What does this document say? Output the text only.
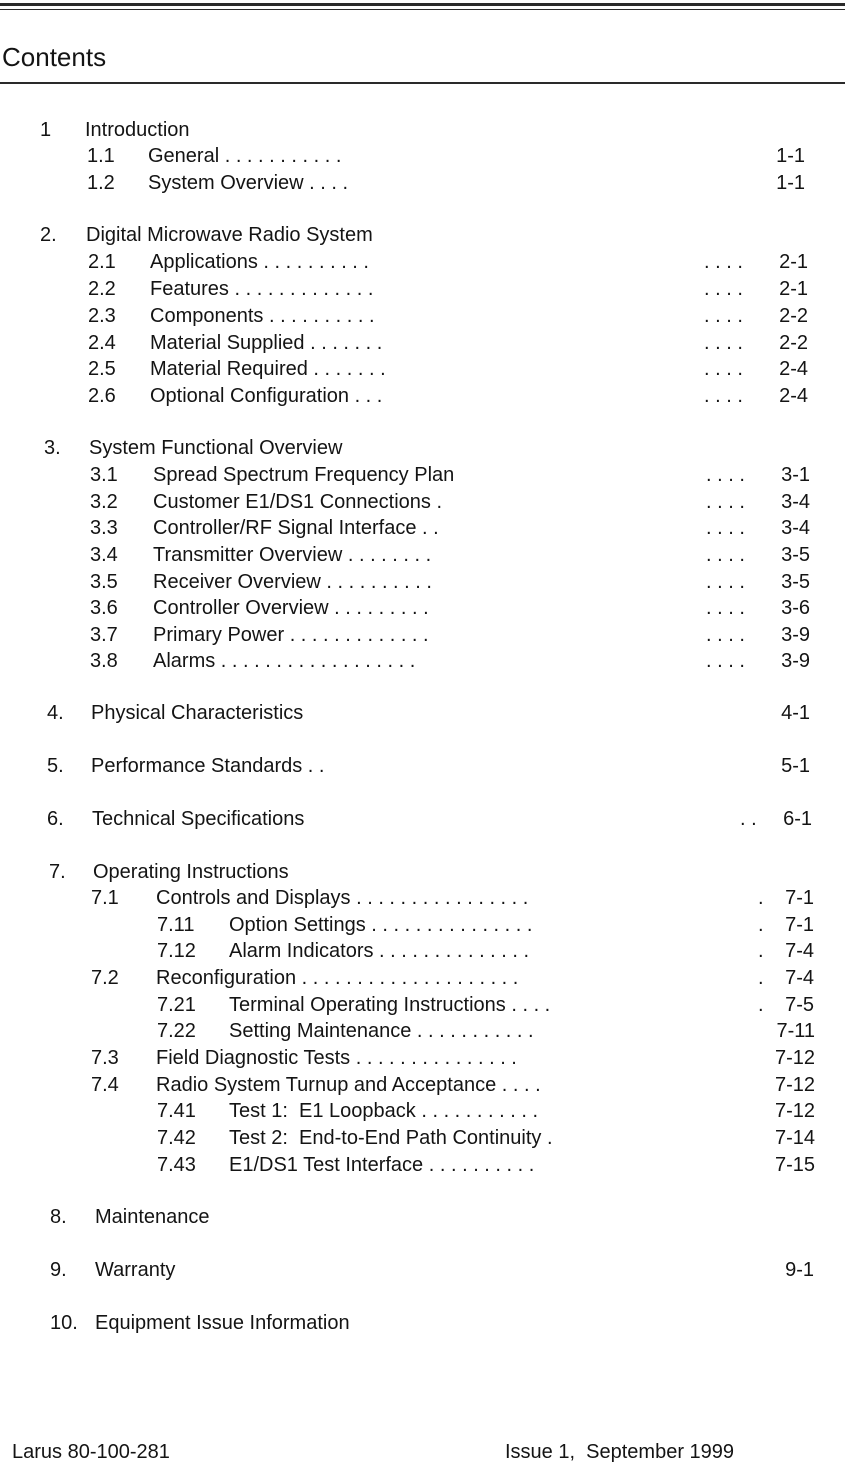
Contents
1 Introduction
1.1 General . . . . . . . . . . .	1-1
1.2 System Overview . . . .	1-1
2. Digital Microwave Radio System
2.1 Applications . . . . . . . . . .	. . . . 2-1
2.2 Features . . . . . . . . . . . . .	. . . . 2-1
2.3 Components . . . . . . . . . .	. . . . 2-2
2.4 Material Supplied . . . . . . .	. . . . 2-2
2.5 Material Required . . . . . . .	. . . . 2-4
2.6 Optional Configuration . . .	. . . . 2-4
3. System Functional Overview
3.1 Spread Spectrum Frequency Plan	. . . . 3-1
3.2 Customer E1/DS1 Connections .	. . . . 3-4
3.3 Controller/RF Signal Interface . .	. . . . 3-4
3.4 Transmitter Overview . . . . . . . .	. . . . 3-5
3.5 Receiver Overview . . . . . . . . . .	. . . . 3-5
3.6 Controller Overview . . . . . . . . .	. . . . 3-6
3.7 Primary Power . . . . . . . . . . . . .	. . . . 3-9
3.8 Alarms . . . . . . . . . . . . . . . . . .	. . . . 3-9
4. Physical Characteristics	4-1
5. Performance Standards . .	5-1
6. Technical Specifications	. . 6-1
7. Operating Instructions
7.1 Controls and Displays . . . . . . . . . . . . . . . .	. 7-1
7.11 Option Settings . . . . . . . . . . . . . . .	. 7-1
7.12 Alarm Indicators . . . . . . . . . . . . . .	. 7-4
7.2 Reconfiguration . . . . . . . . . . . . . . . . . . . .	. 7-4
7.21 Terminal Operating Instructions . . . .	. 7-5
7.22 Setting Maintenance . . . . . . . . . . .	7-11
7.3 Field Diagnostic Tests . . . . . . . . . . . . . . .	7-12
7.4 Radio System Turnup and Acceptance . . . .	7-12
7.41 Test 1:  E1 Loopback . . . . . . . . . . .	7-12
7.42 Test 2:  End-to-End Path Continuity .	7-14
7.43 E1/DS1 Test Interface . . . . . . . . . .	7-15
8. Maintenance
9. Warranty	9-1
10. Equipment Issue Information
Larus 80-100-281	Issue 1,  September 1999
